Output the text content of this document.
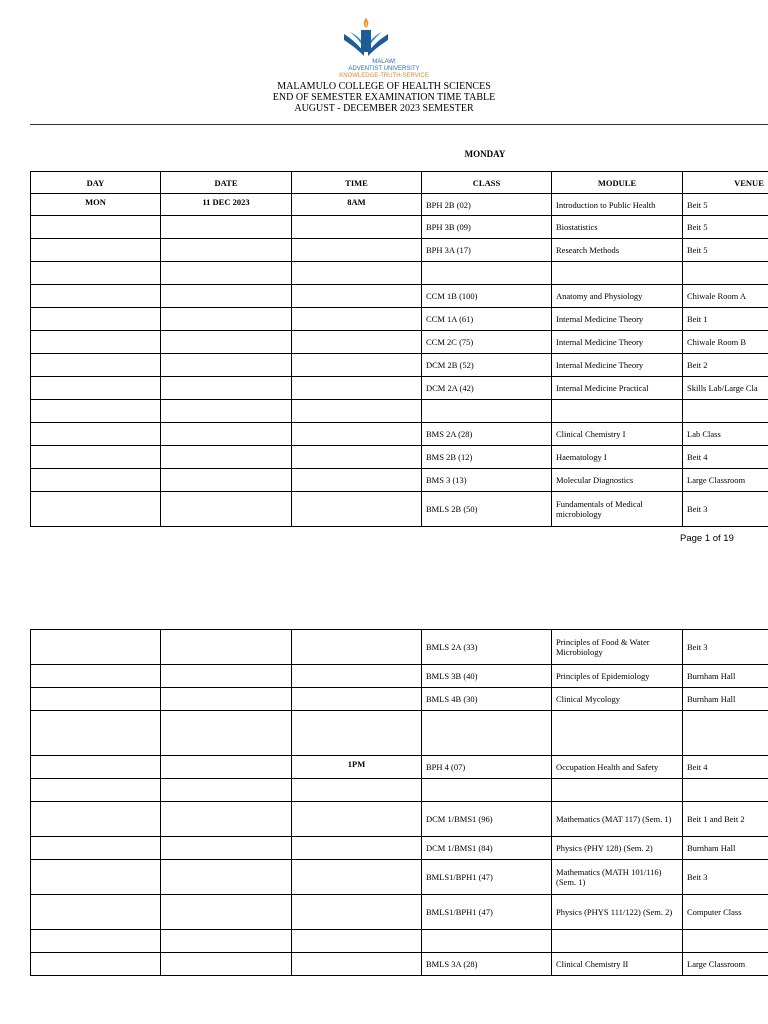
MALAWI
ADVENTIST UNIVERSITY
KNOWLEDGE-TRUTH-SERVICE
MALAMULO COLLEGE OF HEALTH SCIENCES
END OF SEMESTER EXAMINATION TIME TABLE
AUGUST - DECEMBER 2023 SEMESTER
MONDAY
DAY	DATE	TIME	CLASS	MODULE	VENUE
MON	11 DEC 2023	8AM	BPH 2B (02)	Introduction to Public Health	Beit 5
			BPH 3B (09)	Biostatistics	Beit 5
			BPH 3A (17)	Research Methods	Beit 5

			CCM 1B (100)	Anatomy and Physiology	Chiwale Room A
			CCM 1A (61)	Internal Medicine Theory	Beit 1
			CCM 2C (75)	Internal Medicine Theory	Chiwale Room B
			DCM 2B (52)	Internal Medicine Theory	Beit 2
			DCM 2A (42)	Internal Medicine Practical	Skills Lab/Large Cla

			BMS 2A (28)	Clinical Chemistry I	Lab Class
			BMS 2B (12)	Haematology I	Beit 4
			BMS 3 (13)	Molecular Diagnostics	Large Classroom
			BMLS 2B (50)	Fundamentals of Medical microbiology	Beit 3
Page 1 of 19
			BMLS 2A (33)	Principles of Food & Water Microbiology	Beit 3
			BMLS 3B (40)	Principles of Epidemiology	Burnham Hall
			BMLS 4B (30)	Clinical Mycology	Burnham Hall

		1PM	BPH 4 (07)	Occupation Health and Safety	Beit 4

			DCM 1/BMS1 (96)	Mathematics (MAT 117) (Sem. 1)	Beit 1 and Beit 2
			DCM 1/BMS1 (84)	Physics (PHY 128) (Sem. 2)	Burnham Hall
			BMLS1/BPH1 (47)	Mathematics (MATH 101/116) (Sem. 1)	Beit 3
			BMLS1/BPH1 (47)	Physics (PHYS 111/122) (Sem. 2)	Computer Class

			BMLS 3A (28)	Clinical Chemistry II	Large Classroom
